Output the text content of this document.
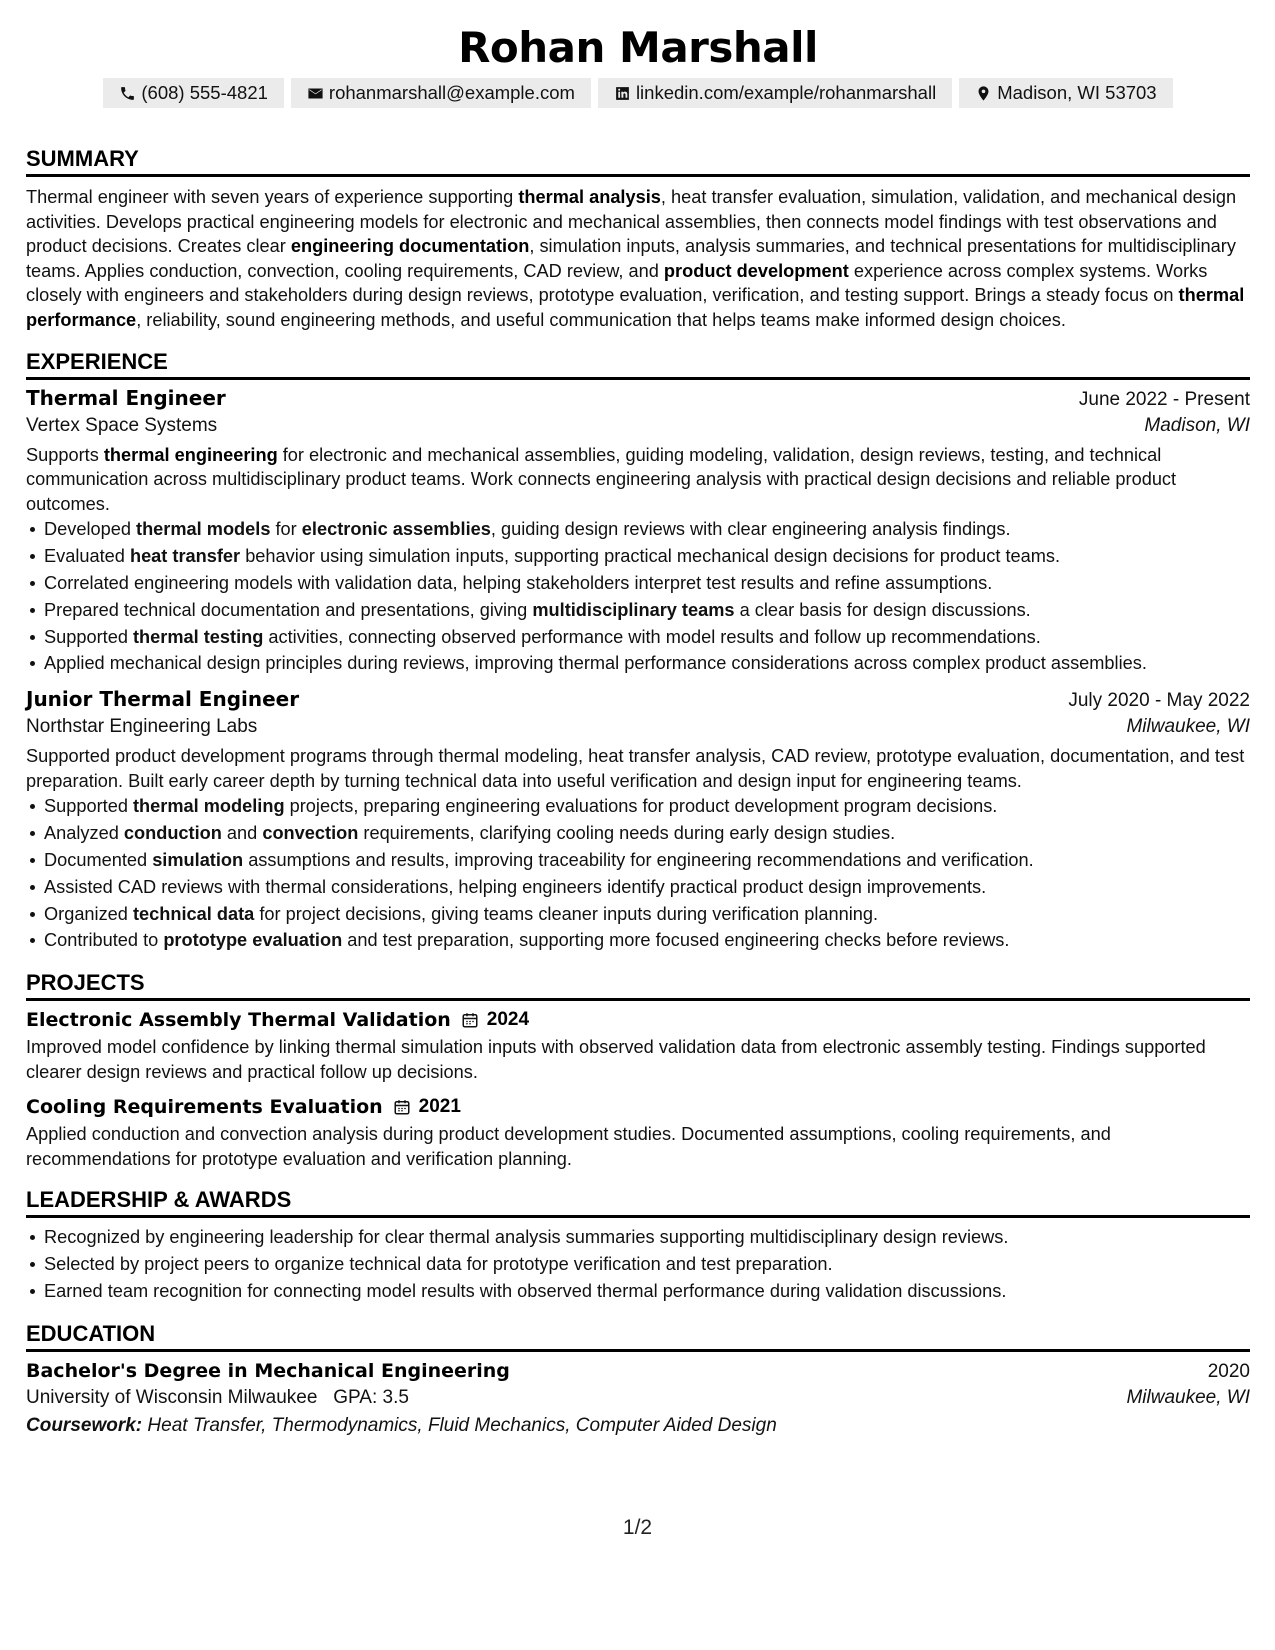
Rohan Marshall
(608) 555-4821	rohanmarshall@example.com	linkedin.com/example/rohanmarshall	Madison, WI 53703
SUMMARY

Thermal engineer with seven years of experience supporting thermal analysis, heat transfer evaluation, simulation, validation, and mechanical design activities. Develops practical engineering models for electronic and mechanical assemblies, then connects model findings with test observations and product decisions. Creates clear engineering documentation, simulation inputs, analysis summaries, and technical presentations for multidisciplinary teams. Applies conduction, convection, cooling requirements, CAD review, and product development experience across complex systems. Works closely with engineers and stakeholders during design reviews, prototype evaluation, verification, and testing support. Brings a steady focus on thermal performance, reliability, sound engineering methods, and useful communication that helps teams make informed design choices.

EXPERIENCE
Thermal Engineer	June 2022 - Present
Vertex Space Systems	Madison, WI

Supports thermal engineering for electronic and mechanical assemblies, guiding modeling, validation, design reviews, testing, and technical communication across multidisciplinary product teams. Work connects engineering analysis with practical design decisions and reliable product outcomes.

Developed thermal models for electronic assemblies, guiding design reviews with clear engineering analysis findings.
Evaluated heat transfer behavior using simulation inputs, supporting practical mechanical design decisions for product teams.
Correlated engineering models with validation data, helping stakeholders interpret test results and refine assumptions.
Prepared technical documentation and presentations, giving multidisciplinary teams a clear basis for design discussions.
Supported thermal testing activities, connecting observed performance with model results and follow up recommendations.
Applied mechanical design principles during reviews, improving thermal performance considerations across complex product assemblies.
Junior Thermal Engineer	July 2020 - May 2022
Northstar Engineering Labs	Milwaukee, WI

Supported product development programs through thermal modeling, heat transfer analysis, CAD review, prototype evaluation, documentation, and test preparation. Built early career depth by turning technical data into useful verification and design input for engineering teams.

Supported thermal modeling projects, preparing engineering evaluations for product development program decisions.
Analyzed conduction and convection requirements, clarifying cooling needs during early design studies.
Documented simulation assumptions and results, improving traceability for engineering recommendations and verification.
Assisted CAD reviews with thermal considerations, helping engineers identify practical product design improvements.
Organized technical data for project decisions, giving teams cleaner inputs during verification planning.
Contributed to prototype evaluation and test preparation, supporting more focused engineering checks before reviews.
PROJECTS
Electronic Assembly Thermal Validation 2024

Improved model confidence by linking thermal simulation inputs with observed validation data from electronic assembly testing. Findings supported clearer design reviews and practical follow up decisions.

Cooling Requirements Evaluation 2021

Applied conduction and convection analysis during product development studies. Documented assumptions, cooling requirements, and recommendations for prototype evaluation and verification planning.

LEADERSHIP & AWARDS
Recognized by engineering leadership for clear thermal analysis summaries supporting multidisciplinary design reviews.
Selected by project peers to organize technical data for prototype verification and test preparation.
Earned team recognition for connecting model results with observed thermal performance during validation discussions.
EDUCATION
Bachelor's Degree in Mechanical Engineering	2020
University of Wisconsin Milwaukee GPA: 3.5	Milwaukee, WI
Coursework: Heat Transfer, Thermodynamics, Fluid Mechanics, Computer Aided Design
1/2
